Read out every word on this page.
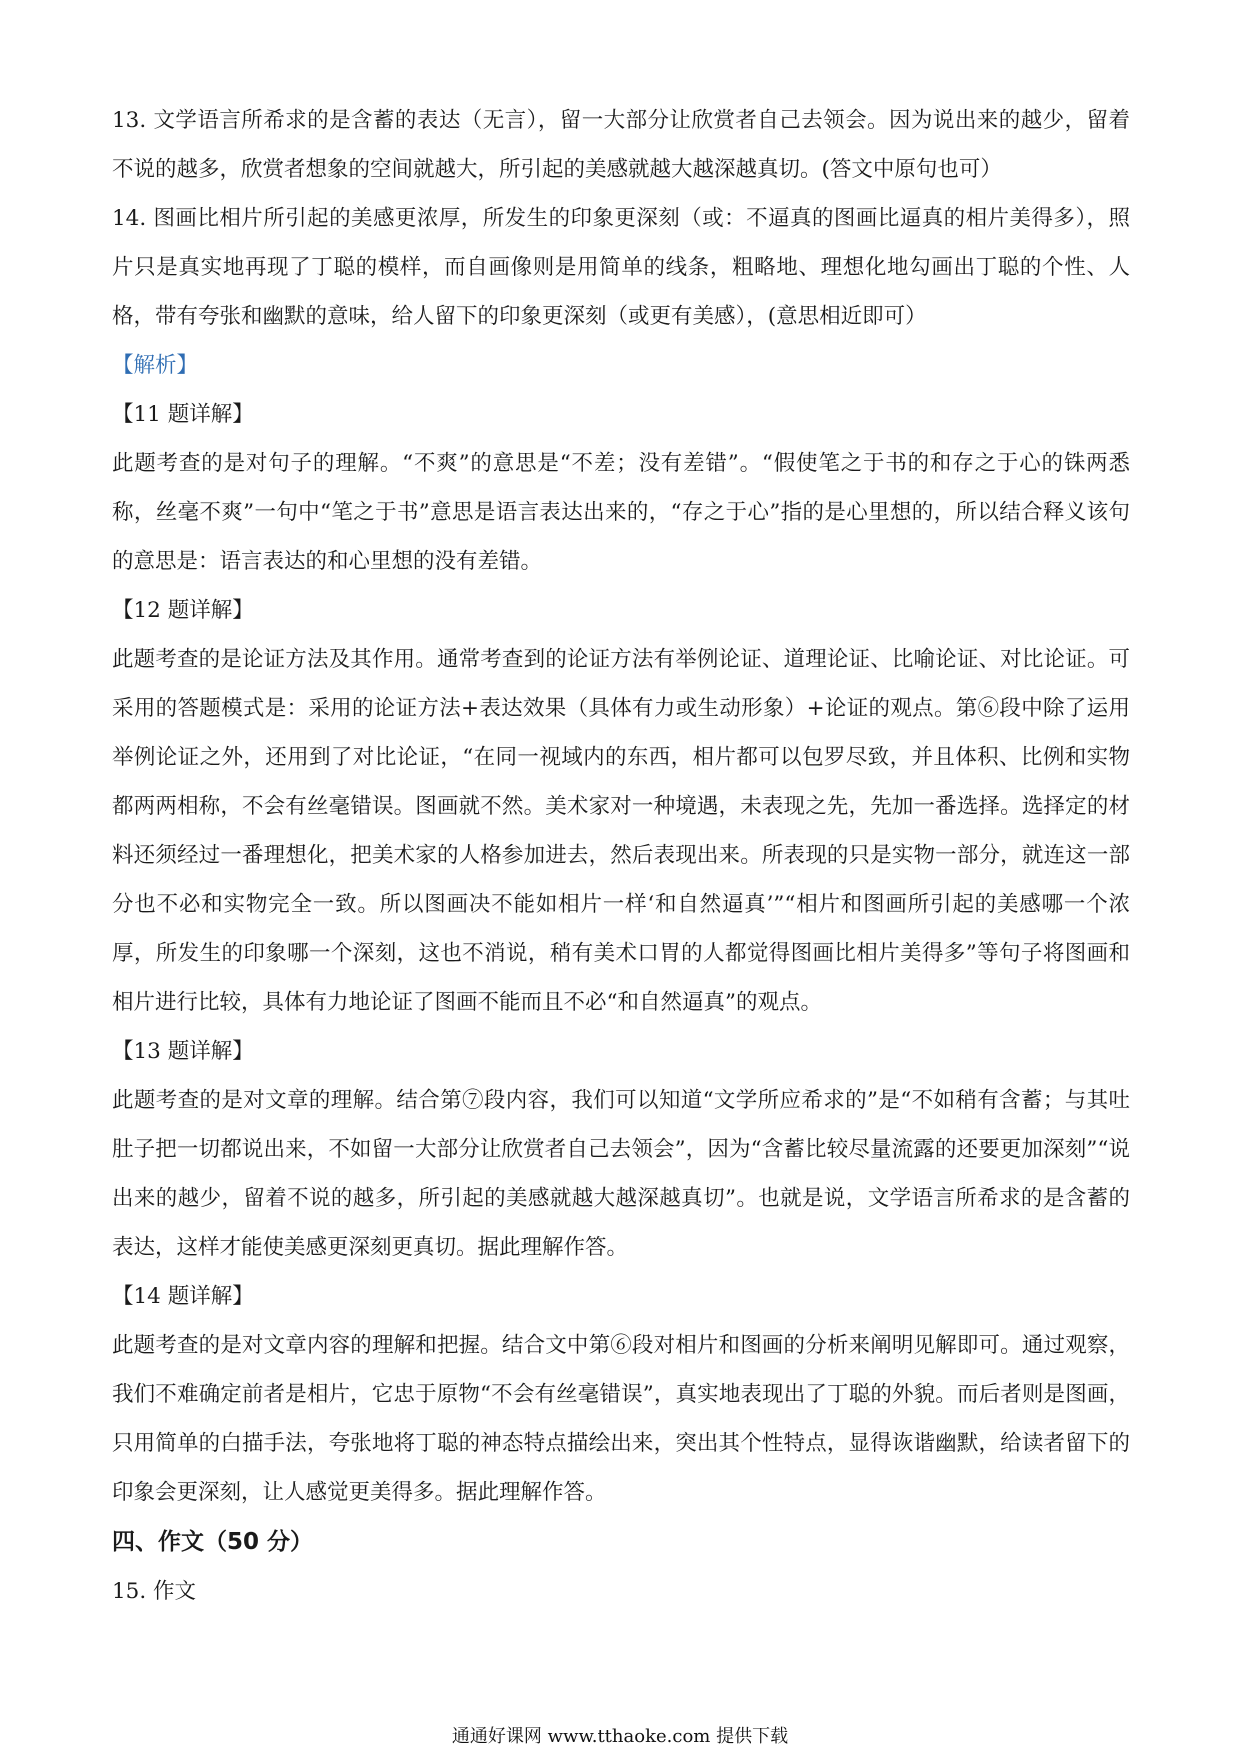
13. 文学语言所希求的是含蓄的表达（无言），留一大部分让欣赏者自己去领会。因为说出来的越少，留着不说的越多，欣赏者想象的空间就越大，所引起的美感就越大越深越真切。(答文中原句也可）

14. 图画比相片所引起的美感更浓厚，所发生的印象更深刻（或：不逼真的图画比逼真的相片美得多），照片只是真实地再现了丁聪的模样，而自画像则是用简单的线条，粗略地、理想化地勾画出丁聪的个性、人格，带有夸张和幽默的意味，给人留下的印象更深刻（或更有美感），(意思相近即可）

【解析】

【11 题详解】

此题考查的是对句子的理解。“不爽”的意思是“不差；没有差错”。“假使笔之于书的和存之于心的铢两悉称，丝毫不爽”一句中“笔之于书”意思是语言表达出来的，“存之于心”指的是心里想的，所以结合释义该句的意思是：语言表达的和心里想的没有差错。

【12 题详解】

此题考查的是论证方法及其作用。通常考查到的论证方法有举例论证、道理论证、比喻论证、对比论证。可采用的答题模式是：采用的论证方法+表达效果（具体有力或生动形象）+论证的观点。第⑥段中除了运用举例论证之外，还用到了对比论证，“在同一视域内的东西，相片都可以包罗尽致，并且体积、比例和实物都两两相称，不会有丝毫错误。图画就不然。美术家对一种境遇，未表现之先，先加一番选择。选择定的材料还须经过一番理想化，把美术家的人格参加进去，然后表现出来。所表现的只是实物一部分，就连这一部分也不必和实物完全一致。所以图画决不能如相片一样‘和自然逼真’”“相片和图画所引起的美感哪一个浓厚，所发生的印象哪一个深刻，这也不消说，稍有美术口胃的人都觉得图画比相片美得多”等句子将图画和相片进行比较，具体有力地论证了图画不能而且不必“和自然逼真”的观点。

【13 题详解】

此题考查的是对文章的理解。结合第⑦段内容，我们可以知道“文学所应希求的”是“不如稍有含蓄；与其吐肚子把一切都说出来，不如留一大部分让欣赏者自己去领会”，因为“含蓄比较尽量流露的还要更加深刻”“说出来的越少，留着不说的越多，所引起的美感就越大越深越真切”。也就是说，文学语言所希求的是含蓄的表达，这样才能使美感更深刻更真切。据此理解作答。

【14 题详解】

此题考查的是对文章内容的理解和把握。结合文中第⑥段对相片和图画的分析来阐明见解即可。通过观察，我们不难确定前者是相片，它忠于原物“不会有丝毫错误”，真实地表现出了丁聪的外貌。而后者则是图画，只用简单的白描手法，夸张地将丁聪的神态特点描绘出来，突出其个性特点，显得诙谐幽默，给读者留下的印象会更深刻，让人感觉更美得多。据此理解作答。

四、作文（50 分）

15. 作文

通通好课网 www.tthaoke.com 提供下载
